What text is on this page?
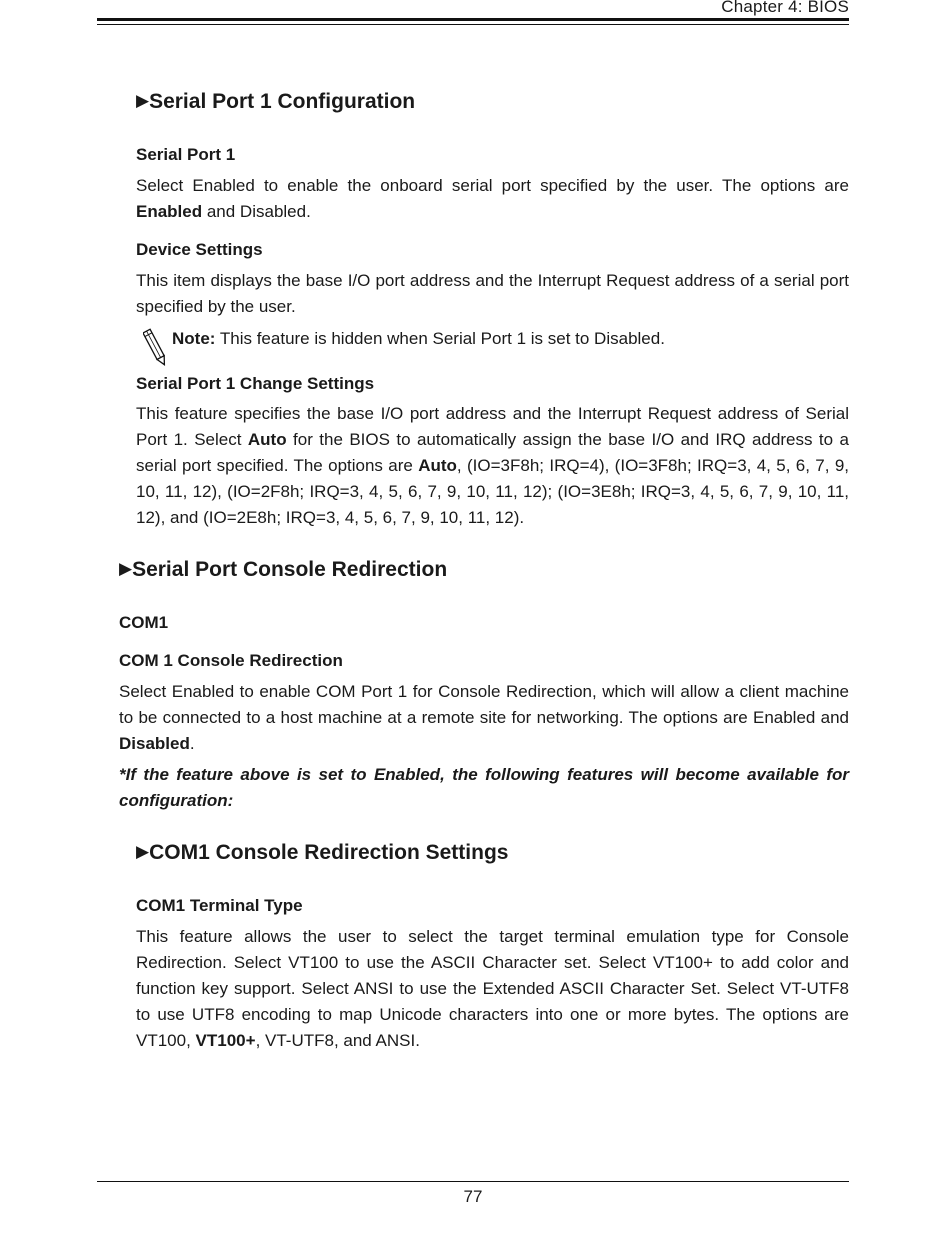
Chapter 4: BIOS
▶Serial Port 1 Configuration
Serial Port 1
Select Enabled to enable the onboard serial port specified by the user. The options are Enabled and Disabled.
Device Settings
This item displays the base I/O port address and the Interrupt Request address of a serial port specified by the user.
Note: This feature is hidden when Serial Port 1 is set to Disabled.
Serial Port 1 Change Settings
This feature specifies the base I/O port address and the Interrupt Request address of Serial Port 1. Select Auto for the BIOS to automatically assign the base I/O and IRQ address to a serial port specified. The options are Auto, (IO=3F8h; IRQ=4), (IO=3F8h; IRQ=3, 4, 5, 6, 7, 9, 10, 11, 12), (IO=2F8h; IRQ=3, 4, 5, 6, 7, 9, 10, 11, 12); (IO=3E8h; IRQ=3, 4, 5, 6, 7, 9, 10, 11, 12), and (IO=2E8h; IRQ=3, 4, 5, 6, 7, 9, 10, 11, 12).
▶Serial Port Console Redirection
COM1
COM 1 Console Redirection
Select Enabled to enable COM Port 1 for Console Redirection, which will allow a client machine to be connected to a host machine at a remote site for networking. The options are Enabled and Disabled.
*If the feature above is set to Enabled, the following features will become available for configuration:
▶COM1 Console Redirection Settings
COM1 Terminal Type
This feature allows the user to select the target terminal emulation type for Console Redirection. Select VT100 to use the ASCII Character set. Select VT100+ to add color and function key support. Select ANSI to use the Extended ASCII Character Set. Select VT-UTF8 to use UTF8 encoding to map Unicode characters into one or more bytes. The options are VT100, VT100+, VT-UTF8, and ANSI.
77
